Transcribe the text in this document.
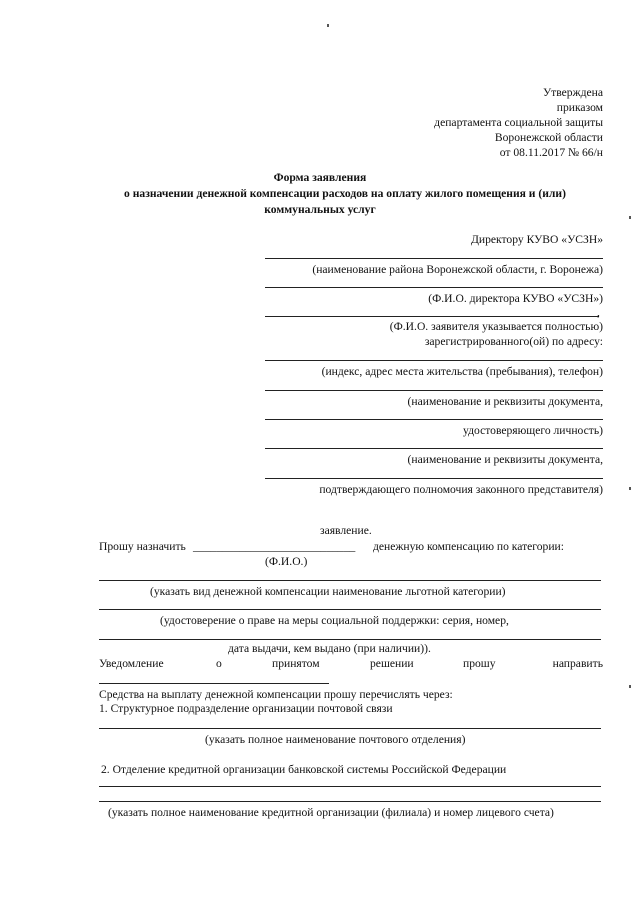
Утверждена
приказом
департамента социальной защиты
Воронежской области
от 08.11.2017 № 66/н
Форма заявления
о назначении денежной компенсации расходов на оплату жилого помещения и (или)
коммунальных услуг
Директору КУВО «УСЗН»
(наименование района Воронежской области, г. Воронежа)
(Ф.И.О. директора КУВО «УСЗН»)
,
(Ф.И.О. заявителя указывается полностью)
зарегистрированного(ой) по адресу:
(индекс, адрес места жительства (пребывания), телефон)
(наименование и реквизиты документа,
удостоверяющего личность)
(наименование и реквизиты документа,
подтверждающего полномочия законного представителя)
заявление.
Прошу назначить ____________________________ денежную компенсацию по категории:
(Ф.И.О.)
(указать вид денежной компенсации наименование льготной категории)
(удостоверение о праве на меры социальной поддержки: серия, номер,
дата выдачи, кем выдано (при наличии)).
Уведомление	о	принятом	решении	прошу	направить
Средства на выплату денежной компенсации прошу перечислять через:
1. Структурное подразделение организации почтовой связи
(указать полное наименование почтового отделения)
2. Отделение кредитной организации банковской системы Российской Федерации
(указать полное наименование кредитной организации (филиала) и номер лицевого счета)
